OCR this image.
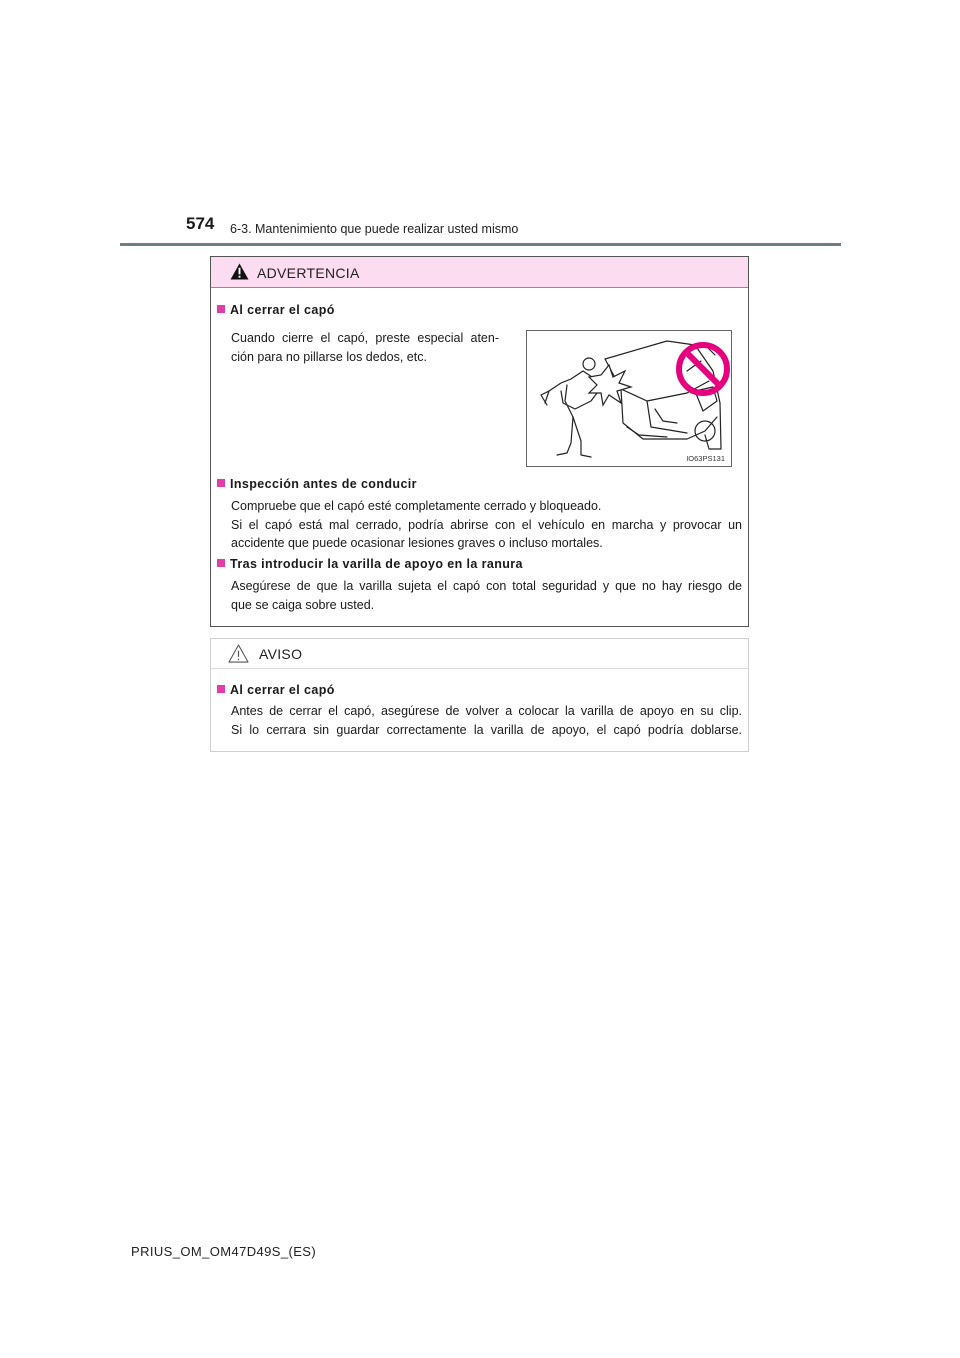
574 6-3. Mantenimiento que puede realizar usted mismo
ADVERTENCIA
Al cerrar el capó
Cuando cierre el capó, preste especial aten-
ción para no pillarse los dedos, etc.
IO63PS131
Inspección antes de conducir
Compruebe que el capó esté completamente cerrado y bloqueado.
Si el capó está mal cerrado, podría abrirse con el vehículo en marcha y provocar un
accidente que puede ocasionar lesiones graves o incluso mortales.
Tras introducir la varilla de apoyo en la ranura
Asegúrese de que la varilla sujeta el capó con total seguridad y que no hay riesgo de
que se caiga sobre usted.
AVISO
Al cerrar el capó
Antes de cerrar el capó, asegúrese de volver a colocar la varilla de apoyo en su clip.
Si lo cerrara sin guardar correctamente la varilla de apoyo, el capó podría doblarse.
PRIUS_OM_OM47D49S_(ES)
